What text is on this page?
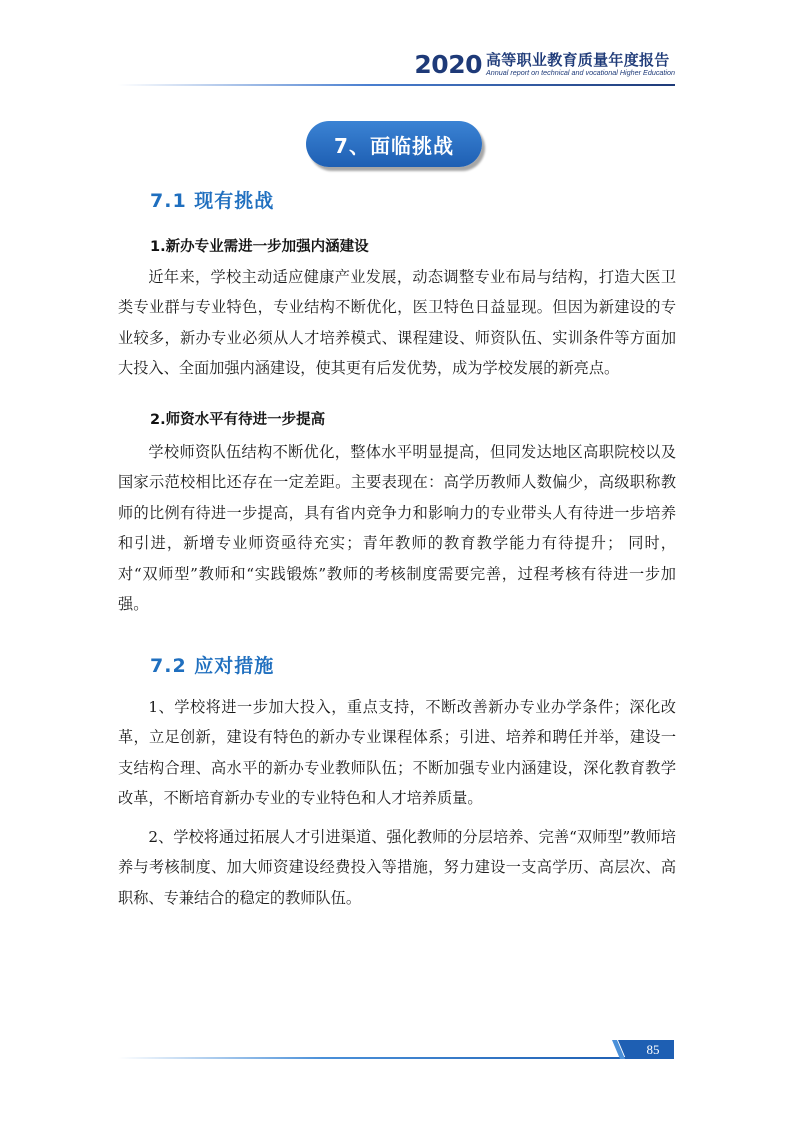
2020 高等职业教育质量年度报告
Annual report on technical and vocational Higher Education
7、面临挑战
7.1 现有挑战
1.新办专业需进一步加强内涵建设

近年来，学校主动适应健康产业发展，动态调整专业布局与结构，打造大医卫类专业群与专业特色，专业结构不断优化，医卫特色日益显现。但因为新建设的专业较多，新办专业必须从人才培养模式、课程建设、师资队伍、实训条件等方面加大投入、全面加强内涵建设，使其更有后发优势，成为学校发展的新亮点。

2.师资水平有待进一步提高

学校师资队伍结构不断优化，整体水平明显提高，但同发达地区高职院校以及国家示范校相比还存在一定差距。主要表现在：高学历教师人数偏少，高级职称教师的比例有待进一步提高，具有省内竞争力和影响力的专业带头人有待进一步培养和引进，新增专业师资亟待充实；青年教师的教育教学能力有待提升； 同时，对“双师型”教师和“实践锻炼”教师的考核制度需要完善，过程考核有待进一步加强。

7.2 应对措施

1、学校将进一步加大投入，重点支持，不断改善新办专业办学条件；深化改革，立足创新，建设有特色的新办专业课程体系；引进、培养和聘任并举，建设一支结构合理、高水平的新办专业教师队伍；不断加强专业内涵建设，深化教育教学改革，不断培育新办专业的专业特色和人才培养质量。

2、学校将通过拓展人才引进渠道、强化教师的分层培养、完善“双师型”教师培养与考核制度、加大师资建设经费投入等措施，努力建设一支高学历、高层次、高职称、专兼结合的稳定的教师队伍。

85
